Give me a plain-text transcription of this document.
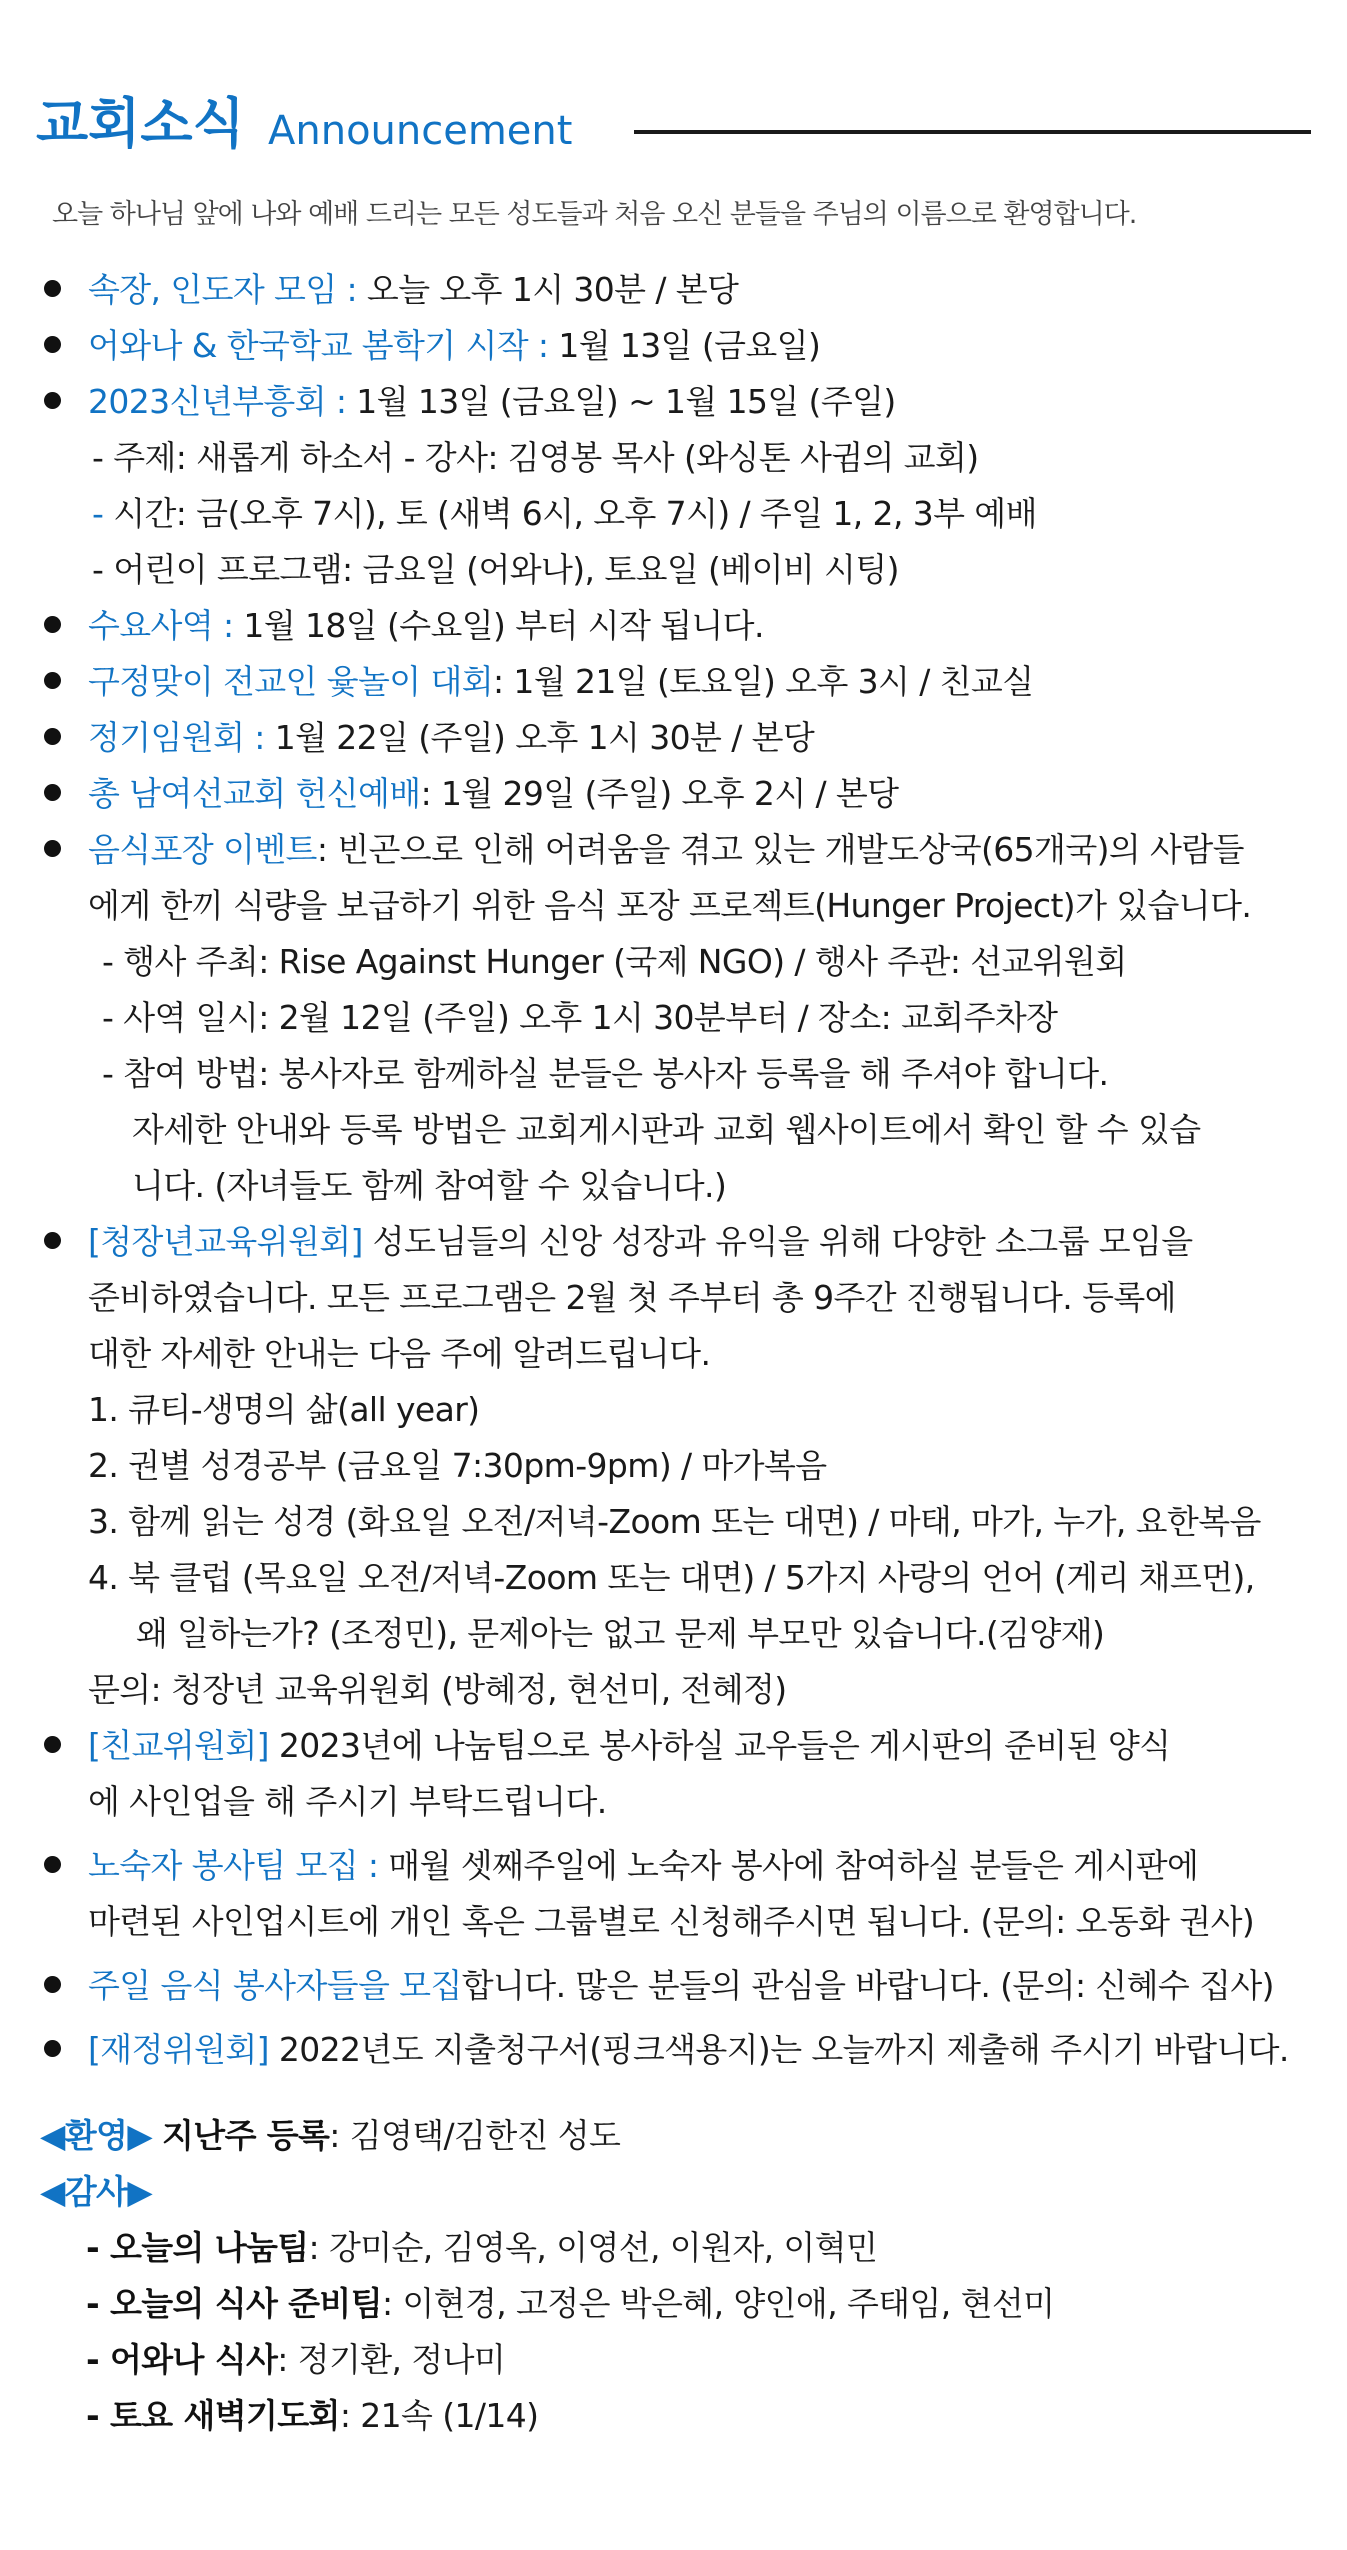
교회소식 Announcement
오늘 하나님 앞에 나와 예배 드리는 모든 성도들과 처음 오신 분들을 주님의 이름으로 환영합니다.
속장, 인도자 모임 : 오늘 오후 1시 30분 / 본당
어와나 & 한국학교 봄학기 시작 : 1월 13일 (금요일)
2023신년부흥회 : 1월 13일 (금요일) ~ 1월 15일 (주일)
- 주제: 새롭게 하소서 - 강사: 김영봉 목사 (와싱톤 사귐의 교회)
- 시간: 금(오후 7시), 토 (새벽 6시, 오후 7시) / 주일 1, 2, 3부 예배
- 어린이 프로그램: 금요일 (어와나), 토요일 (베이비 시팅)
수요사역 : 1월 18일 (수요일) 부터 시작 됩니다.
구정맞이 전교인 윷놀이 대회: 1월 21일 (토요일) 오후 3시 / 친교실
정기임원회 : 1월 22일 (주일) 오후 1시 30분 / 본당
총 남여선교회 헌신예배: 1월 29일 (주일) 오후 2시 / 본당
음식포장 이벤트: 빈곤으로 인해 어려움을 겪고 있는 개발도상국(65개국)의 사람들
에게 한끼 식량을 보급하기 위한 음식 포장 프로젝트(Hunger Project)가 있습니다.
- 행사 주최: Rise Against Hunger (국제 NGO) / 행사 주관: 선교위원회
- 사역 일시: 2월 12일 (주일) 오후 1시 30분부터 / 장소: 교회주차장
- 참여 방법: 봉사자로 함께하실 분들은 봉사자 등록을 해 주셔야 합니다.
자세한 안내와 등록 방법은 교회게시판과 교회 웹사이트에서 확인 할 수 있습
니다. (자녀들도 함께 참여할 수 있습니다.)
[청장년교육위원회] 성도님들의 신앙 성장과 유익을 위해 다양한 소그룹 모임을
준비하였습니다. 모든 프로그램은 2월 첫 주부터 총 9주간 진행됩니다. 등록에
대한 자세한 안내는 다음 주에 알려드립니다.
1. 큐티-생명의 삶(all year)
2. 권별 성경공부 (금요일 7:30pm-9pm) / 마가복음
3. 함께 읽는 성경 (화요일 오전/저녁-Zoom 또는 대면) / 마태, 마가, 누가, 요한복음
4. 북 클럽 (목요일 오전/저녁-Zoom 또는 대면) / 5가지 사랑의 언어 (게리 채프먼),
왜 일하는가? (조정민), 문제아는 없고 문제 부모만 있습니다.(김양재)
문의: 청장년 교육위원회 (방혜정, 현선미, 전혜정)
[친교위원회] 2023년에 나눔팀으로 봉사하실 교우들은 게시판의 준비된 양식
에 사인업을 해 주시기 부탁드립니다.
노숙자 봉사팀 모집 : 매월 셋째주일에 노숙자 봉사에 참여하실 분들은 게시판에
마련된 사인업시트에 개인 혹은 그룹별로 신청해주시면 됩니다. (문의: 오동화 권사)
주일 음식 봉사자들을 모집합니다. 많은 분들의 관심을 바랍니다. (문의: 신혜수 집사)
[재정위원회] 2022년도 지출청구서(핑크색용지)는 오늘까지 제출해 주시기 바랍니다.
◀환영▶ 지난주 등록: 김영택/김한진 성도
◀감사▶
- 오늘의 나눔팀: 강미순, 김영옥, 이영선, 이원자, 이혁민
- 오늘의 식사 준비팀: 이현경, 고정은 박은혜, 양인애, 주태임, 현선미
- 어와나 식사: 정기환, 정나미
- 토요 새벽기도회: 21속 (1/14)
